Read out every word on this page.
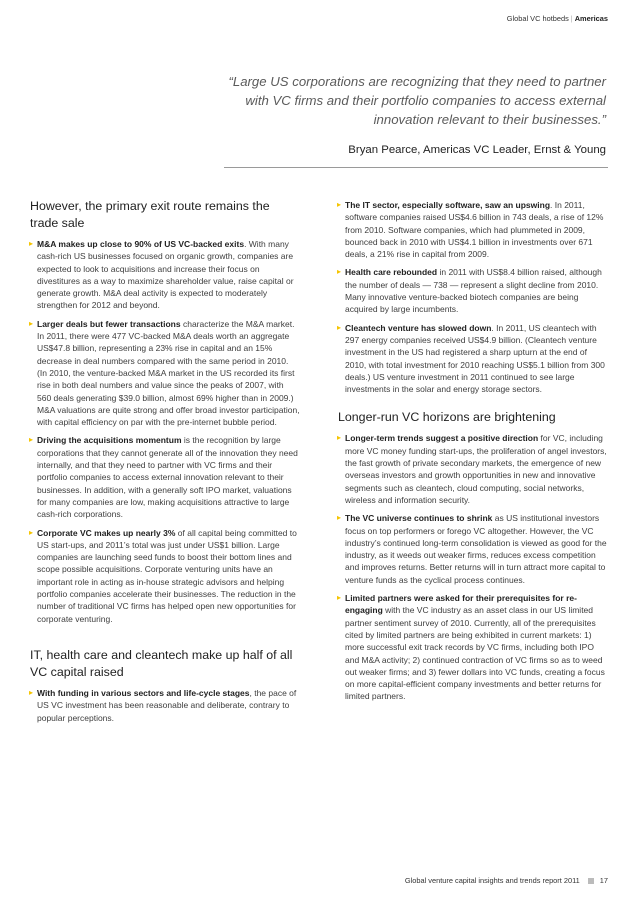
Global VC hotbeds | Americas
“Large US corporations are recognizing that they need to partner with VC firms and their portfolio companies to access external innovation relevant to their businesses.”
Bryan Pearce, Americas VC Leader, Ernst & Young
However, the primary exit route remains the trade sale
▸ M&A makes up close to 90% of US VC-backed exits. With many cash-rich US businesses focused on organic growth, companies are expected to look to acquisitions and increase their focus on divestitures as a way to maximize shareholder value, raise capital or generate growth. M&A deal activity is expected to moderately strengthen for 2012 and beyond.
▸ Larger deals but fewer transactions characterize the M&A market. In 2011, there were 477 VC-backed M&A deals worth an aggregate US$47.8 billion, representing a 23% rise in capital and an 15% decrease in deal numbers compared with the same period in 2010. (In 2010, the venture-backed M&A market in the US recorded its first rise in both deal numbers and value since the peaks of 2007, with 560 deals generating $39.0 billion, almost 69% higher than in 2009.) M&A valuations are quite strong and offer broad investor participation, with capital efficiency on par with the pre-internet bubble period.
▸ Driving the acquisitions momentum is the recognition by large corporations that they cannot generate all of the innovation they need internally, and that they need to partner with VC firms and their portfolio companies to access external innovation relevant to their businesses. In addition, with a generally soft IPO market, valuations for many companies are low, making acquisitions attractive to large cash-rich corporations.
▸ Corporate VC makes up nearly 3% of all capital being committed to US start-ups, and 2011’s total was just under US$1 billion. Large companies are launching seed funds to boost their bottom lines and scope possible acquisitions. Corporate venturing units have an important role in acting as in-house strategic advisors and helping portfolio companies accelerate their businesses. The reduction in the number of traditional VC firms has helped open new opportunities for corporate venturing.
IT, health care and cleantech make up half of all VC capital raised
▸ With funding in various sectors and life-cycle stages, the pace of US VC investment has been reasonable and deliberate, contrary to popular perceptions.
▸ The IT sector, especially software, saw an upswing. In 2011, software companies raised US$4.6 billion in 743 deals, a rise of 12% from 2010. Software companies, which had plummeted in 2009, bounced back in 2010 with US$4.1 billion in investments over 671 deals, a 21% rise in capital from 2009.
▸ Health care rebounded in 2011 with US$8.4 billion raised, although the number of deals — 738 — represent a slight decline from 2010. Many innovative venture-backed biotech companies are being acquired by large incumbents.
▸ Cleantech venture has slowed down. In 2011, US cleantech with 297 energy companies received US$4.9 billion. (Cleantech venture investment in the US had registered a sharp upturn at the end of 2010, with total investment for 2010 reaching US$5.1 billion from 300 deals.) US venture investment in 2011 continued to see large investments in the solar and energy storage sectors.
Longer-run VC horizons are brightening
▸ Longer-term trends suggest a positive direction for VC, including more VC money funding start-ups, the proliferation of angel investors, the fast growth of private secondary markets, the emergence of new overseas investors and growth opportunities in new and innovative segments such as cleantech, cloud computing, social networks, wireless and information security.
▸ The VC universe continues to shrink as US institutional investors focus on top performers or forego VC altogether. However, the VC industry’s continued long-term consolidation is viewed as good for the industry, as it weeds out weaker firms, reduces excess competition and improves returns. Better returns will in turn attract more capital to venture funds as the cyclical process continues.
▸ Limited partners were asked for their prerequisites for re-engaging with the VC industry as an asset class in our US limited partner sentiment survey of 2010. Currently, all of the prerequisites cited by limited partners are being exhibited in current markets: 1) more successful exit track records by VC firms, including both IPO and M&A activity; 2) continued contraction of VC firms so as to weed out weaker firms; and 3) fewer dollars into VC funds, creating a focus on more capital-efficient company investments and better returns for limited partners.
Global venture capital insights and trends report 2011	17
